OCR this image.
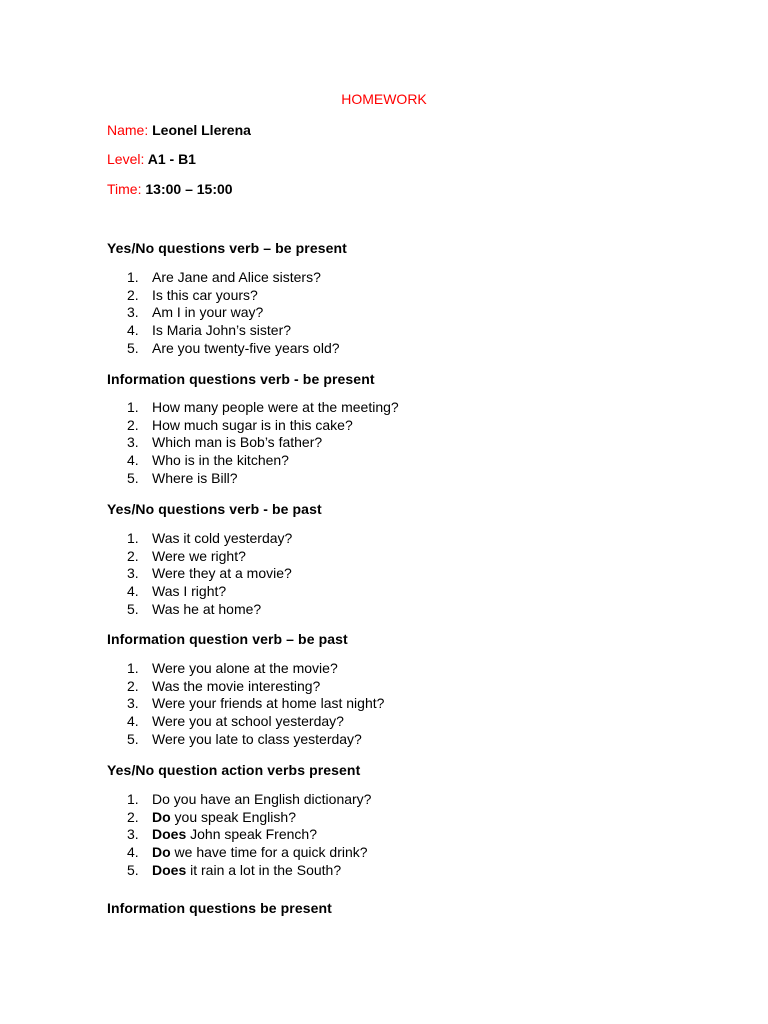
HOMEWORK
Name: Leonel Llerena
Level: A1 - B1
Time: 13:00 – 15:00
Yes/No questions verb – be present
1. Are Jane and Alice sisters?
2. Is this car yours?
3. Am I in your way?
4. Is Maria John’s sister?
5. Are you twenty-five years old?
Information questions verb - be present
1. How many people were at the meeting?
2. How much sugar is in this cake?
3. Which man is Bob’s father?
4. Who is in the kitchen?
5. Where is Bill?
Yes/No questions verb - be past
1. Was it cold yesterday?
2. Were we right?
3. Were they at a movie?
4. Was I right?
5. Was he at home?
Information question verb – be past
1. Were you alone at the movie?
2. Was the movie interesting?
3. Were your friends at home last night?
4. Were you at school yesterday?
5. Were you late to class yesterday?
Yes/No question action verbs present
1. Do you have an English dictionary?
2. Do you speak English?
3. Does John speak French?
4. Do we have time for a quick drink?
5. Does it rain a lot in the South?
Information questions be present
